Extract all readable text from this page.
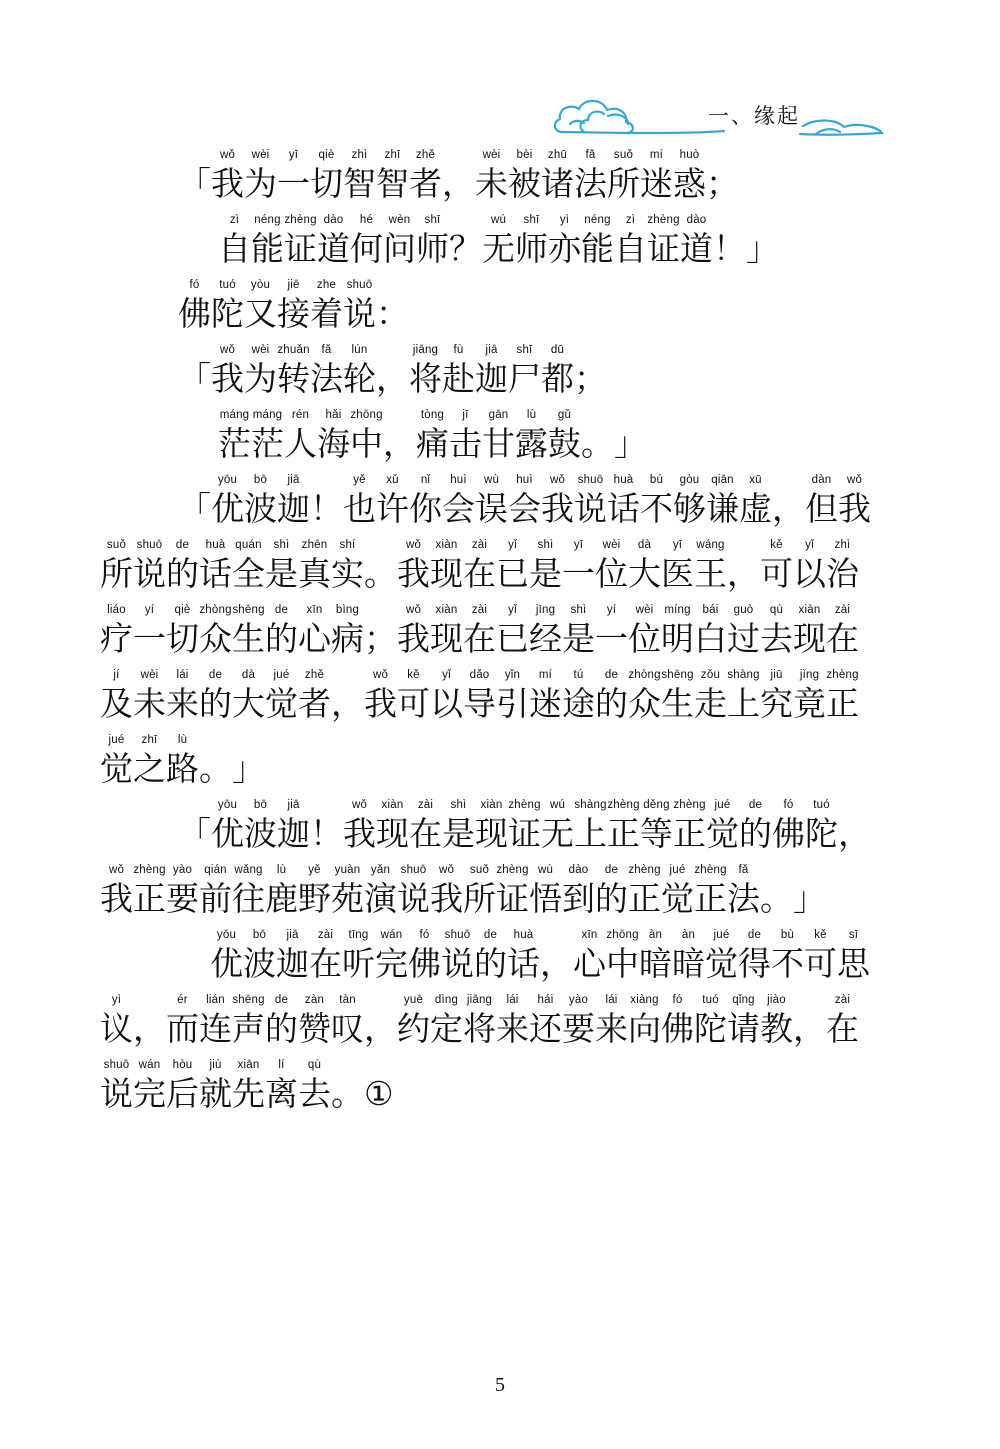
一、缘起
「
wǒ
我
wèi
为
yī
一
qiè
切
zhì
智
zhī
智
zhě
者 ，
wèi
未
bèi
被
zhū
诸
fǎ
法
suǒ
所
mí
迷
huò
惑 ；
zì
自
néng
能
zhèng
证
dào
道
hé
何
wèn
问
shī
师 ？
wú
无
shī
师
yì
亦
néng
能
zì
自
zhèng
证
dào
道 ！ 」
fó
佛
tuó
陀
yòu
又
jiē
接
zhe
着
shuō
说 ：
「
wǒ
我
wèi
为
zhuǎn
转
fǎ
法
lún
轮 ，
jiāng
将
fù
赴
jiā
迦
shī
尸
dū
都 ；
máng
茫
máng
茫
rén
人
hǎi
海
zhōng
中 ，
tòng
痛
jī
击
gān
甘
lù
露
gǔ
鼓 。 」
「
yōu
优
bō
波
jiā
迦 ！
yě
也
xǔ
许
nǐ
你
huì
会
wù
误
huì
会
wǒ
我
shuō
说
huà
话
bú
不
gòu
够
qiān
谦
xū
虚 ，
dàn
但
wǒ
我
suǒ
所
shuō
说
de
的
huà
话
quán
全
shì
是
zhēn
真
shí
实 。
wǒ
我
xiàn
现
zài
在
yǐ
已
shì
是
yī
一
wèi
位
dà
大
yī
医
wáng
王 ，
kě
可
yǐ
以
zhì
治
liáo
疗
yí
一
qiè
切
zhòng
众
shēng
生
de
的
xīn
心
bìng
病 ；
wǒ
我
xiàn
现
zài
在
yǐ
已
jīng
经
shì
是
yí
一
wèi
位
míng
明
bái
白
guò
过
qù
去
xiàn
现
zài
在
jí
及
wèi
未
lái
来
de
的
dà
大
jué
觉
zhě
者 ，
wǒ
我
kě
可
yǐ
以
dǎo
导
yǐn
引
mí
迷
tú
途
de
的
zhòng
众
shēng
生
zǒu
走
shàng
上
jiū
究
jìng
竟
zhèng
正
jué
觉
zhī
之
lù
路 。 」
「
yōu
优
bō
波
jiā
迦 ！
wǒ
我
xiàn
现
zài
在
shì
是
xiàn
现
zhèng
证
wú
无
shàng
上
zhèng
正
děng
等
zhèng
正
jué
觉
de
的
fó
佛
tuó
陀 ，
wǒ
我
zhèng
正
yào
要
qián
前
wǎng
往
lù
鹿
yě
野
yuàn
苑
yǎn
演
shuō
说
wǒ
我
suǒ
所
zhèng
证
wù
悟
dào
到
de
的
zhèng
正
jué
觉
zhèng
正
fǎ
法 。 」
yōu
优
bō
波
jiā
迦
zài
在
tīng
听
wán
完
fó
佛
shuō
说
de
的
huà
话 ，
xīn
心
zhōng
中
àn
暗
àn
暗
jué
觉
de
得
bù
不
kě
可
sī
思
yì
议 ，
ér
而
lián
连
shēng
声
de
的
zàn
赞
tàn
叹 ，
yuē
约
dìng
定
jiāng
将
lái
来
hái
还
yào
要
lái
来
xiàng
向
fó
佛
tuó
陀
qǐng
请
jiào
教 ，
zài
在
shuō
说
wán
完
hòu
后
jiù
就
xiān
先
lí
离
qù
去 。 ①
5
